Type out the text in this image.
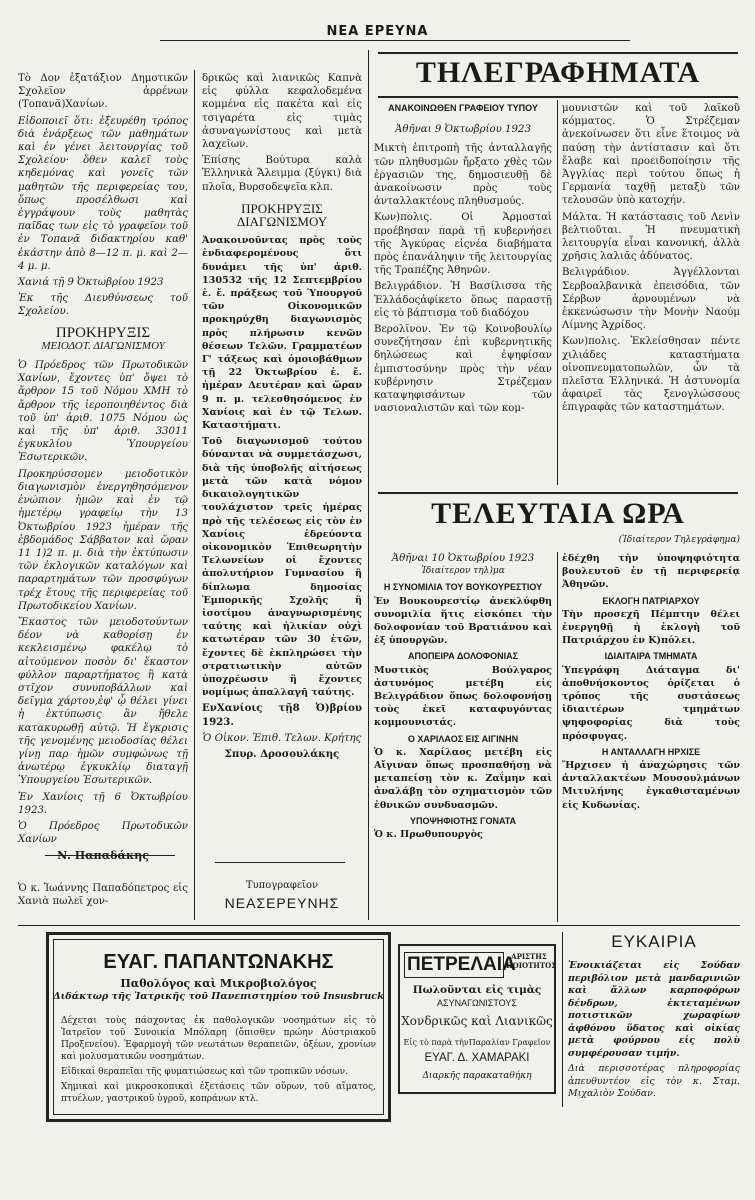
ΝΕΑ ΕΡΕΥΝΑ

Τὸ Δον ἑξατάξιον Δημοτικῶν Σχολεῖον ἀρρένων (Τοπανᾶ)Χανίων.

Εἰδοποιεῖ ὅτι: ἐξευρέθη τρόπος διὰ ἐνάρξεως τῶν μαθημάτων καὶ ἐν γένει λειτουργίας τοῦ Σχολείου· ὅθεν καλεῖ τοὺς κηδεμόνας καὶ γονεῖς τῶν μαθητῶν τῆς περιφερείας του, ὅπως προσέλθωσι καὶ ἐγγράψουν τοὺς μαθητὰς παῖδας των εἰς τὸ γραφεῖον τοῦ ἐν Τοπανᾶ διδακτηρίου καθ' ἑκάστην ἀπὸ 8—12 π. μ. καὶ 2—4 μ. μ.

Χανιά τῇ 9 Ὀκτωβρίου 1923

Ἐκ τῆς Διευθύνσεως τοῦ Σχολείου.

ΠΡΟΚΗΡΥΞΙΣ
ΜΕΙΟΔΟΤ. ΔΙΑΓΩΝΙΣΜΟΥ

Ὁ Πρόεδρος τῶν Πρωτοδικῶν Χανίων, ἔχοντες ὑπ' ὄψει τὸ ἄρθρον 15 τοῦ Νόμου ΧΜΗ τὸ ἄρθρον τῆς ἱεροποιηθέντος διὰ τοῦ ὑπ' ἀριθ. 1075 Νόμου ὡς καὶ τῆς ὑπ' ἀριθ. 33011 ἐγκυκλίου Ὑπουργείου Ἐσωτερικῶν.

Προκηρύσσομεν μειοδοτικὸν διαγωνισμὸν ἐνεργηθησόμενον ἐνώπιον ἡμῶν καὶ ἐν τῷ ἡμετέρῳ γραφείῳ τὴν 13 Ὀκτωβρίου 1923 ἡμέραν τῆς ἑβδομάδος Σάββατον καὶ ὥραν 11 1)2 π. μ. διὰ τὴν ἐκτύπωσιν τῶν ἐκλογικῶν καταλόγων καὶ παραρτημάτων τῶν προσφύγων τρέχ ἔτους τῆς περιφερείας τοῦ Πρωτοδικείου Χανίων.

Ἕκαστος τῶν μειοδοτούντων δέον νὰ καθορίσῃ ἐν κεκλεισμένῳ φακέλῳ τὸ αἰτούμενον ποσὸν δι' ἕκαστον φύλλον παραρτήματος ἢ κατὰ στῖχον συνυποβάλλων καὶ δεῖγμα χάρτου,ἐφ' ᾧ θέλει γίνει ἡ ἐκτύπωσις ἂν ἤθελε κατακυρωθῇ αὐτῷ. Ἡ ἔγκρισις τῆς γενομένης μειοδοσίας θέλει γίνῃ παρ ἡμῶν συμφώνως τῇ ἀνωτέρῳ ἐγκυκλίῳ διαταγῇ Ὑπουργείου Ἐσωτερικῶν.

Ἐν Χανίοις τῇ 6 Ὀκτωβρίου 1923.

Ὁ Πρόεδρος Πρωτοδικῶν Χανίων

Ὁ κ. Ἰωάννης Παπαδόπετρος εἰς Χανιὰ πωλεῖ χον-

δρικῶς καὶ λιανικῶς Καπνὰ εἰς φύλλα κεφαλοδεμένα κομμένα εἰς πακέτα καὶ εἰς τσιγαρέτα εἰς τιμὰς ἀσυναγωνίστους καὶ μετὰ λαχεῖων.

Ἐπίσης Βούτυρα καλὰ Ἑλληνικὰ Ἄλειμμα (ξύγκι) διὰ πλοῖα, Βυρσοδεψεῖα κλπ.

ΠΡΟΚΗΡΥΞΙΣ
ΔΙΑΓΩΝΙΣΜΟΥ

Ἀνακοινοῦντας πρὸς τοὺς ἐνδιαφερομένους ὅτι δυνάμει τῆς ὑπ' ἀριθ. 130532 τῆς 12 Σεπτεμβρίου ἐ. ἔ. πράξεως τοῦ Ὑπουργοῦ τῶν Οἰκονομικῶν προκηρύχθη διαγωνισμὸς πρὸς πλήρωσιν κενῶν θέσεων Τελῶν. Γραμματέων Γ' τάξεως καὶ ὁμοιοβάθμων τῇ 22 Ὀκτωβρίου ἐ. ἔ. ἡμέραν Δευτέραν καὶ ὥραν 9 π. μ. τελεσθησόμενος ἐν Χανίοις καὶ ἐν τῷ Τελων. Καταστήματι.

Τοῦ διαγωνισμοῦ τούτου δύνανται νὰ συμμετάσχωσι, διὰ τῆς ὑποβολῆς αἰτήσεως μετὰ τῶν κατὰ νόμον δικαιολογητικῶν τουλάχιστον τρεῖς ἡμέρας πρὸ τῆς τελέσεως εἰς τὸν ἐν Χανίοις ἑδρεύοντα οἰκονομικὸν Ἐπιθεωρητὴν Τελωνείων οἱ ἔχοντες ἀπολυτήριον Γυμνασίου ἢ δίπλωμα δημοσίας Ἐμπορικῆς Σχολῆς ἢ ἰσοτίμου ἀναγνωρισμένης ταύτης καὶ ἡλικίαν οὐχὶ κατωτέραν τῶν 30 ἐτῶν, ἔχοντες δὲ ἐκπληρώσει τὴν στρατιωτικὴν αὐτῶν ὑποχρέωσιν ἢ ἔχοντες νομίμως ἀπαλλαγῆ ταύτης.

ΕνΧανίοις τῇ8 Ὀ)βρίου 1923.

Ὁ Οἰκον. Ἐπιθ. Τελων. Κρήτης

Σπυρ. Δροσουλάκης
Τυπογραφεῖον
ΝΕΑΣΕΡΕΥΝΗΣ
ΤΗΛΕΓΡΑΦΗΜΑΤΑ
ΑΝΑΚΟΙΝΩΘΕΝ ΓΡΑΦΕΙΟΥ ΤΥΠΟΥ

Ἀθῆναι 9 Ὀκτωβρίου 1923

Μικτὴ ἐπιτροπὴ τῆς ἀνταλλαγῆς τῶν πληθυσμῶν ἤρξατο χθὲς τῶν ἐργασιῶν της, δημοσιευθῇ δὲ ἀνακοίνωσιν πρὸς τοὺς ἀνταλλακτέους πληθυσμούς.

Κων)πολις. Οἱ Ἁρμοσταὶ προέβησαν παρὰ τῇ κυβερνήσει τῆς Ἀγκύρας εἰςνέα διαβήματα πρὸς ἐπανάληψιν τῆς λειτουργίας τῆς Τραπέζης Ἀθηνῶν.

Βελιγράδιον. Ἡ Βασίλισσα τῆς Ἑλλάδοςἀφίκετο ὅπως παραστῇ εἰς τὸ βάπτισμα τοῦ διαδόχου

Βερολῖνον. Ἐν τῷ Κοινοβουλίῳ συνεζήτησαν ἐπὶ κυβερνητικῆς δηλώσεως καὶ ἐψηφίσαν ἐμπιστοσύνην πρὸς τὴν νέαν κυβέρνησιν Στρέζεμαν καταψηφισάντων τῶν νασιοναλιστῶν καὶ τῶν κομ-

μουνιστῶν καὶ τοῦ λαϊκοῦ κόμματος. Ὁ Στρέζεμαν ἀνεκοίνωσεν ὅτι εἶνε ἕτοιμος νὰ παύσῃ τὴν ἀντίστασιν καὶ ὅτι ἔλαβε καὶ προειδοποίησιν τῆς Ἀγγλίας περὶ τούτου ὅπως ἡ Γερμανία ταχθῇ μεταξὺ τῶν τελουσῶν ὑπὸ κατοχήν.

Μάλτα. Ἡ κατάστασις τοῦ Λενὶν βελτιοῦται. Ἡ πνευματικὴ λειτουργία εἶναι κανονική, ἀλλὰ χρῆσις λαλιᾶς ἀδύνατος.

Βελιγράδιον. Ἀγγέλλονται Σερβοαλβανικὰ ἐπεισόδια, τῶν Σέρβων ἀρνουμένων νὰ ἐκκενώσωσιν τὴν Μονὴν Ναούμ Λίμνης Ἀχρίδος.

Κων)πολις. Ἐκλείσθησαν πέντε χιλιάδες καταστήματα οἰνοπνευματοπωλῶν, ὧν τὰ πλεῖστα Ἑλληνικά. Ἡ ἀστυνομία ἀφαιρεῖ τὰς ξενογλώσσους ἐπιγραφὰς τῶν καταστημάτων.

ΤΕΛΕΥΤΑΙΑ ΩΡΑ
(Ἰδιαίτερον Τηλεγράφημα)

Ἀθῆναι 10 Ὀκτωβρίου 1923

Ἰδιαίτερον τηλ)μα

Η ΣΥΝΟΜΙΛΙΑ ΤΟΥ ΒΟΥΚΟΥΡΕΣΤΙΟΥ

Ἐν Βουκουρεστίῳ ἀνεκλύφθη συνομιλία ἥτις εἰσκόπει τὴν δολοφονίαν τοῦ Βρατιάνου καὶ ἐξ ὑπουργῶν.

ΑΠΟΠΕΙΡΑ ΔΟΛΟΦΟΝΙΑΣ

Μυστικὸς Βούλγαρος ἀστυνόμος μετέβη εἰς Βελιγράδιον ὅπως δολοφονήσῃ τοὺς ἐκεῖ καταφυγόντας κομμουνιστάς.

Ο ΧΑΡΙΛΑΟΣ ΕΙΣ ΑΙΓΙΝΗΝ

Ὁ κ. Χαρίλαος μετέβη εἰς Αἴγιναν ὅπως προσπαθήσῃ νὰ μεταπείσῃ τὸν κ. Ζαΐμην καὶ ἀναλάβῃ τὸν σχηματισμὸν τῶν ἐθνικῶν συνδυασμῶν.

ΥΠΟΨΗΦΙΟΤΗΣ ΓΟΝΑΤΑ

Ὁ κ. Πρωθυπουργὸς

ἐδέχθη τὴν ὑποψηφιότητα βουλευτοῦ ἐν τῇ περιφερείᾳ Ἀθηνῶν.

ΕΚΛΟΓΗ ΠΑΤΡΙΑΡΧΟΥ

Τὴν προσεχῆ Πέμπτην θέλει ἐνεργηθῇ ἡ ἐκλογὴ τοῦ Πατριάρχου ἐν Κ)πόλει.

ΙΔΙΑΙΤΑΙΡΑ ΤΜΗΜΑΤΑ

Ὑπεγράφη Διάταγμα δι' ἀποθνήσκοντος ὁρίζεται ὁ τρόπος τῆς συστάσεως ἰδιαιτέρων τμημάτων ψηφοφορίας διὰ τοὺς πρόσφυγας.

Η ΑΝΤΑΛΛΑΓΗ ΗΡΧΙΣΕ

Ἤρχισεν ἡ ἀναχώρησις τῶν ἀνταλλακτέων Μουσουλμάνων Μιτυλήνης ἐγκαθισταμένων εἰς Κυδωνίας.

ΕΥΑΓ. ΠΑΠΑΝΤΩΝΑΚΗΣ
Παθολόγος καὶ Μικροβιολόγος
Διδάκτωρ τῆς Ἰατρικῆς τοῦ Πανεπιστημίου τοῦ Insusbruck

Δέχεται τοὺς πάσχοντας ἐκ παθολογικῶν νοσημάτων εἰς τὸ Ἰατρεῖον τοῦ Συνοικία Μπόλαρη (ὄπισθεν πρώην Αὐστριακοῦ Προξενείου). Ἐφαρμογὴ τῶν νεωτάτων θεραπειῶν, ὀξέων, χρονίων καὶ μολυσματικῶν νοσημάτων.

Εἰδικαὶ θεραπεῖαι τῆς φυματιώσεως καὶ τῶν τροπικῶν νόσων.

Χημικαὶ καὶ μικροσκοπικαὶ ἐξετάσεις τῶν οὔρων, τοῦ αἵματος, πτυέλων, γαστρικοῦ ὑγροῦ, κοπράνων κτλ.

ΠΕΤΡΕΛΑΙΑ
ΑΡΙΣΤΗΣ ΠΟΙΟΤΗΤΟΣ
Πωλοῦνται εἰς τιμὰς
ΑΣΥΝΑΓΩΝΙΣΤΟΥΣ
Χονδρικῶς καὶ Λιανικῶς
Εἰς τὸ παρὰ τὴνΠαραλίαν Γραφεῖον
ΕΥΑΓ. Δ. ΧΑΜΑΡΑΚΙ
Διαρκῆς παρακαταθήκη
ΕΥΚΑΙΡΙΑ

Ἐνοικιάζεται εἰς Σούδαν περιβόλιον μετὰ μανδαρινιῶν καὶ ἄλλων καρποφόρων δένδρων, ἐκτεταμένων ποτιστικῶν χωραφίων ἀφθόνου ὕδατος καὶ οἰκίας μετὰ φούρνου εἰς πολὺ συμφέρουσαν τιμήν.

Διὰ περισσοτέρας πληροφορίας ἀπευθυντέον εἰς τὸν κ. Σταμ. Μιχαλιὸν Σούδαν.
